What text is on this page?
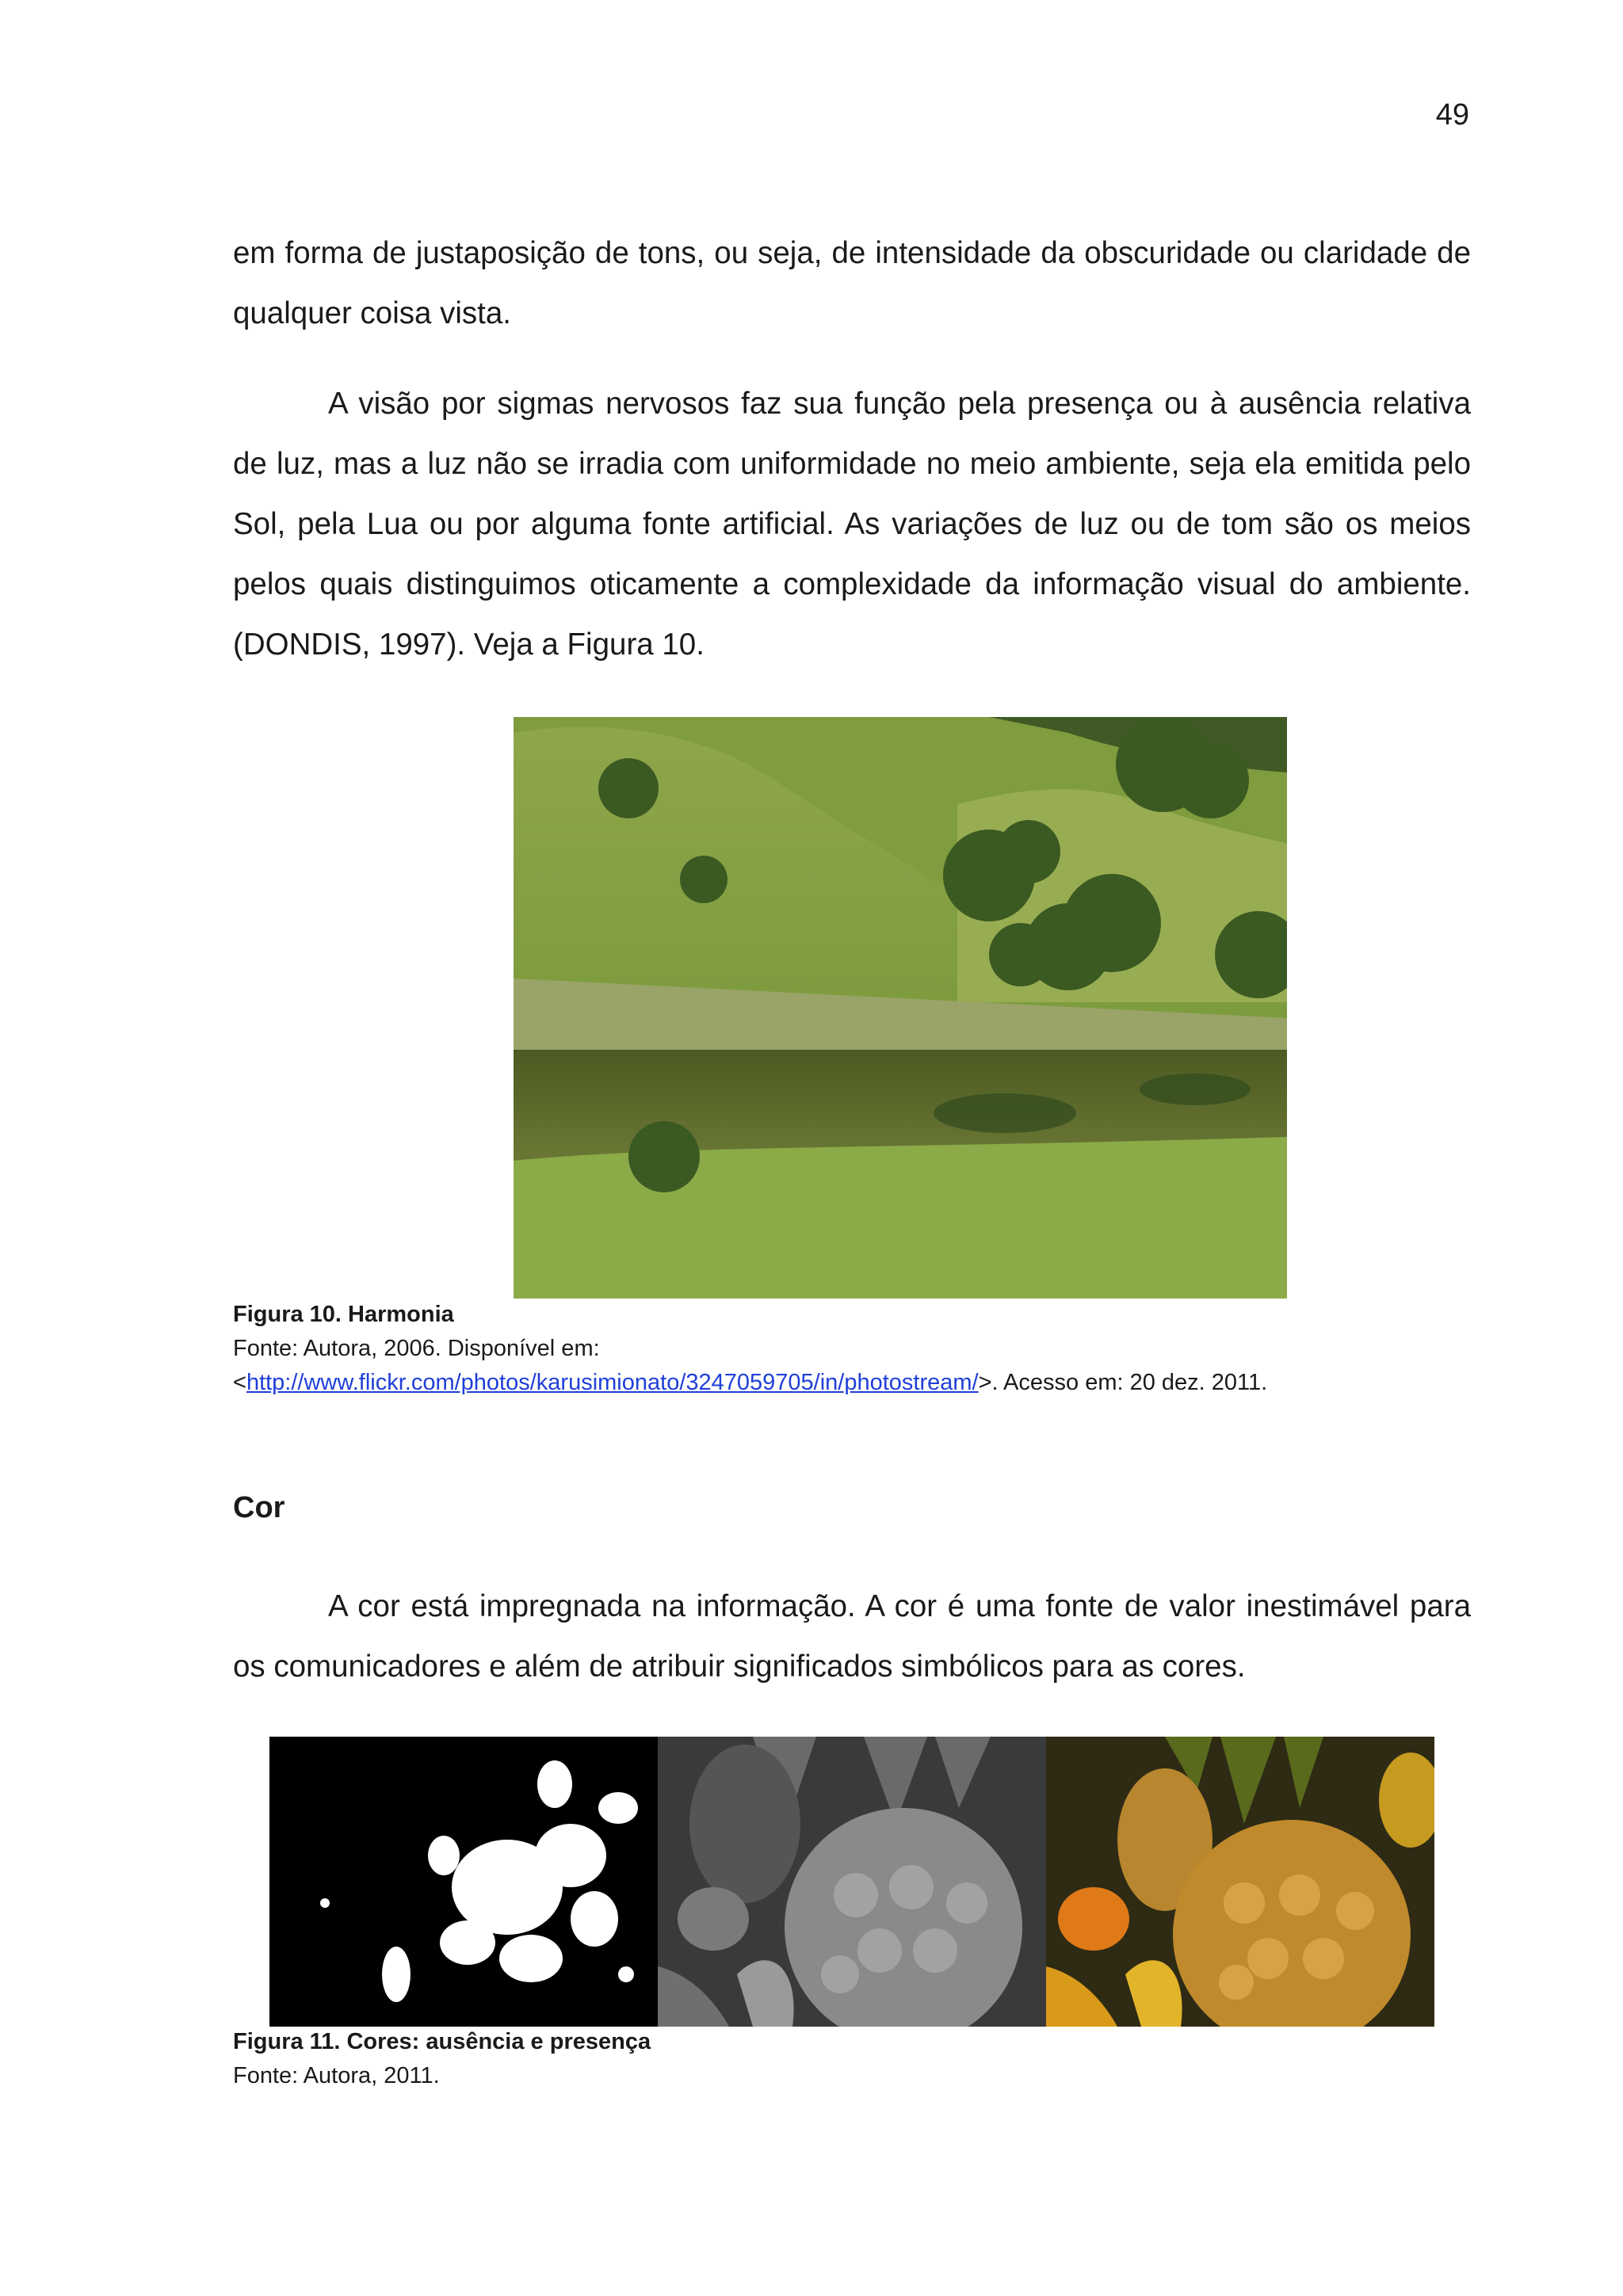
49

em forma de justaposição de tons, ou seja, de intensidade da obscuridade ou claridade de qualquer coisa vista.

A visão por sigmas nervosos faz sua função pela presença ou à ausência relativa de luz, mas a luz não se irradia com uniformidade no meio ambiente, seja ela emitida pelo Sol, pela Lua ou por alguma fonte artificial. As variações de luz ou de tom são os meios pelos quais distinguimos oticamente a complexidade da informação visual do ambiente. (DONDIS, 1997). Veja a Figura 10.

Figura 10. Harmonia
Fonte: Autora, 2006. Disponível em:
<http://www.flickr.com/photos/karusimionato/3247059705/in/photostream/>. Acesso em: 20 dez. 2011.
Cor

A cor está impregnada na informação. A cor é uma fonte de valor inestimável para os comunicadores e além de atribuir significados simbólicos para as cores.

Figura 11. Cores: ausência e presença
Fonte: Autora, 2011.
